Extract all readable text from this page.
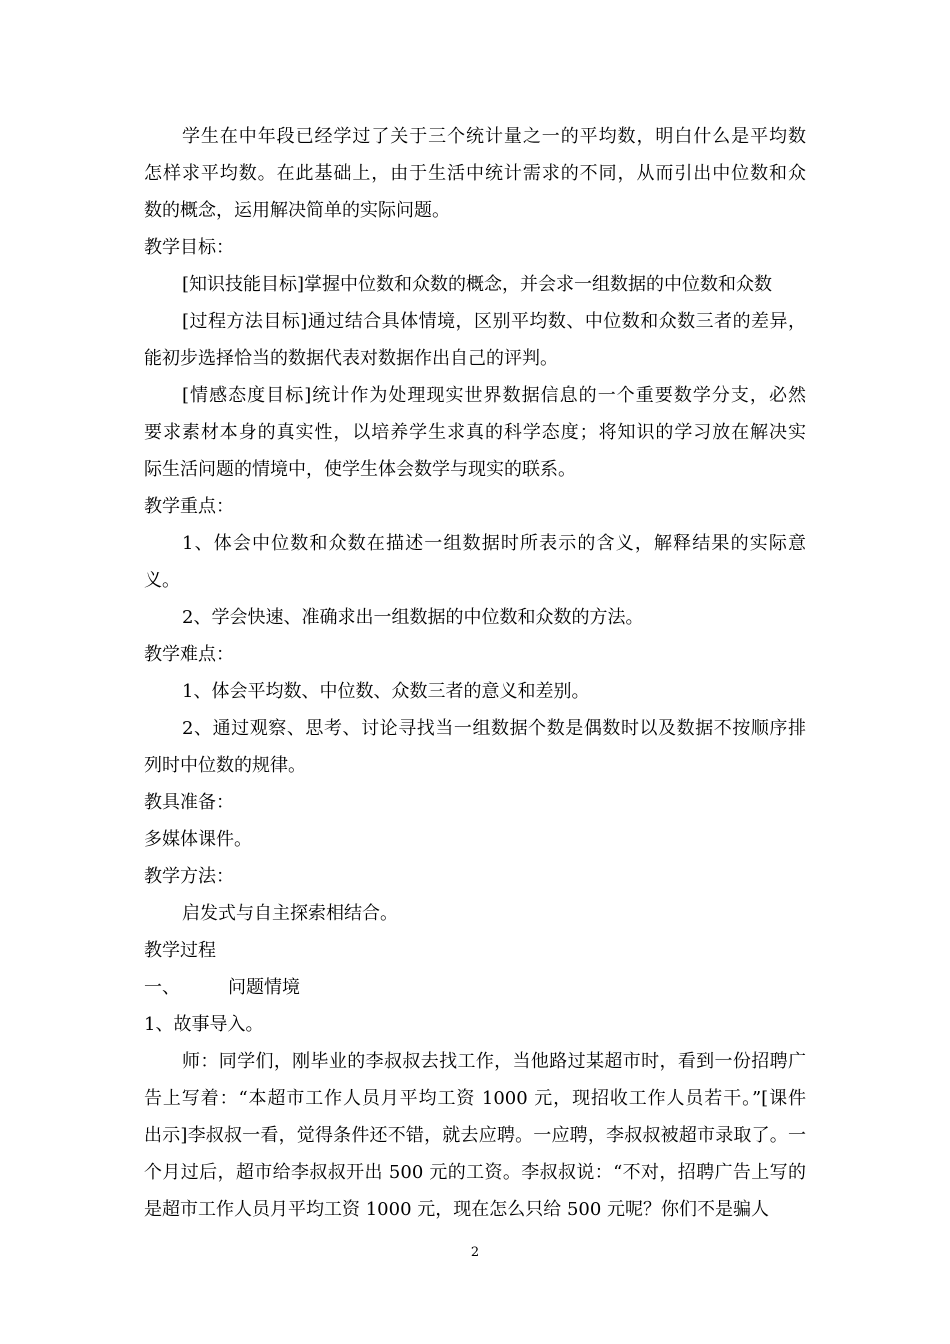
学生在中年段已经学过了关于三个统计量之一的平均数，明白什么是平均数
怎样求平均数。在此基础上，由于生活中统计需求的不同，从而引出中位数和众
数的概念，运用解决简单的实际问题。
教学目标：
[知识技能目标]掌握中位数和众数的概念，并会求一组数据的中位数和众数
[过程方法目标]通过结合具体情境，区别平均数、中位数和众数三者的差异，
能初步选择恰当的数据代表对数据作出自己的评判。
[情感态度目标]统计作为处理现实世界数据信息的一个重要数学分支，必然
要求素材本身的真实性，以培养学生求真的科学态度；将知识的学习放在解决实
际生活问题的情境中，使学生体会数学与现实的联系。
教学重点：
1、体会中位数和众数在描述一组数据时所表示的含义，解释结果的实际意
义。
2、学会快速、准确求出一组数据的中位数和众数的方法。
教学难点：
1、体会平均数、中位数、众数三者的意义和差别。
2、通过观察、思考、讨论寻找当一组数据个数是偶数时以及数据不按顺序排
列时中位数的规律。
教具准备：
多媒体课件。
教学方法：
启发式与自主探索相结合。
教学过程
一、	问题情境
1、故事导入。
师：同学们，刚毕业的李叔叔去找工作，当他路过某超市时，看到一份招聘广
告上写着：“本超市工作人员月平均工资 1000 元，现招收工作人员若干。”[课件
出示]李叔叔一看，觉得条件还不错，就去应聘。一应聘，李叔叔被超市录取了。一
个月过后，超市给李叔叔开出 500 元的工资。李叔叔说：“不对，招聘广告上写的
是超市工作人员月平均工资 1000 元，现在怎么只给 500 元呢？你们不是骗人
2
